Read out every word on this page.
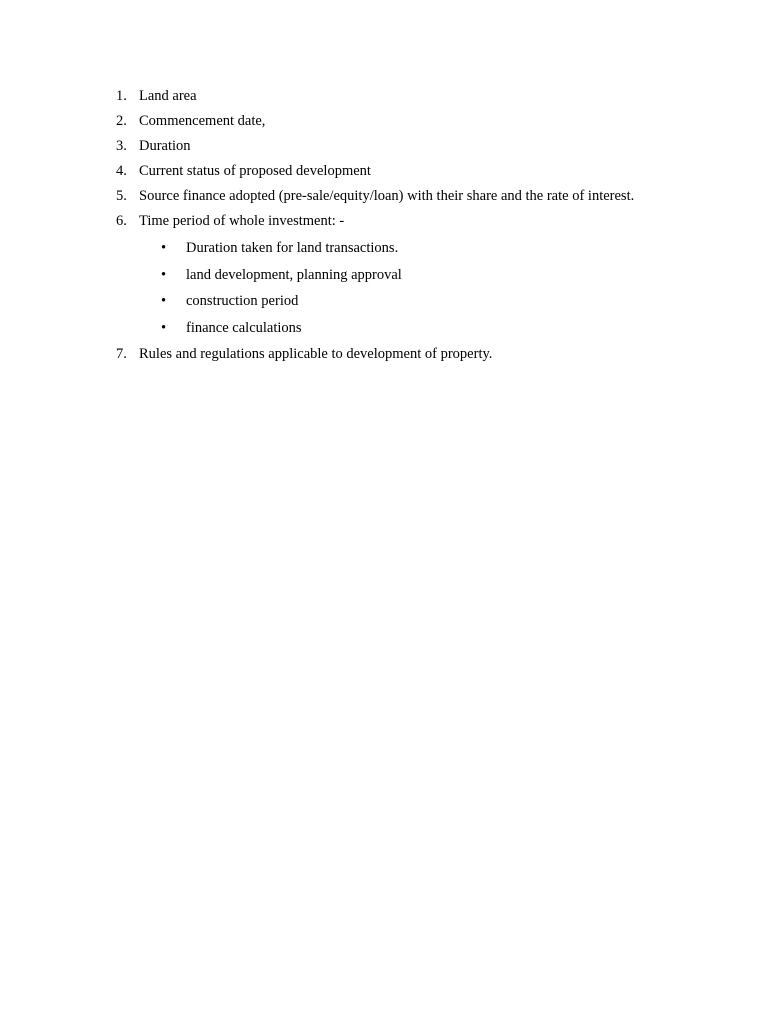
1. Land area
2. Commencement date,
3. Duration
4. Current status of proposed development
5. Source finance adopted (pre-sale/equity/loan) with their share and the rate of interest.
6. Time period of whole investment: -
•	Duration taken for land transactions.
•	land development, planning approval
•	construction period
•	finance calculations
7. Rules and regulations applicable to development of property.
